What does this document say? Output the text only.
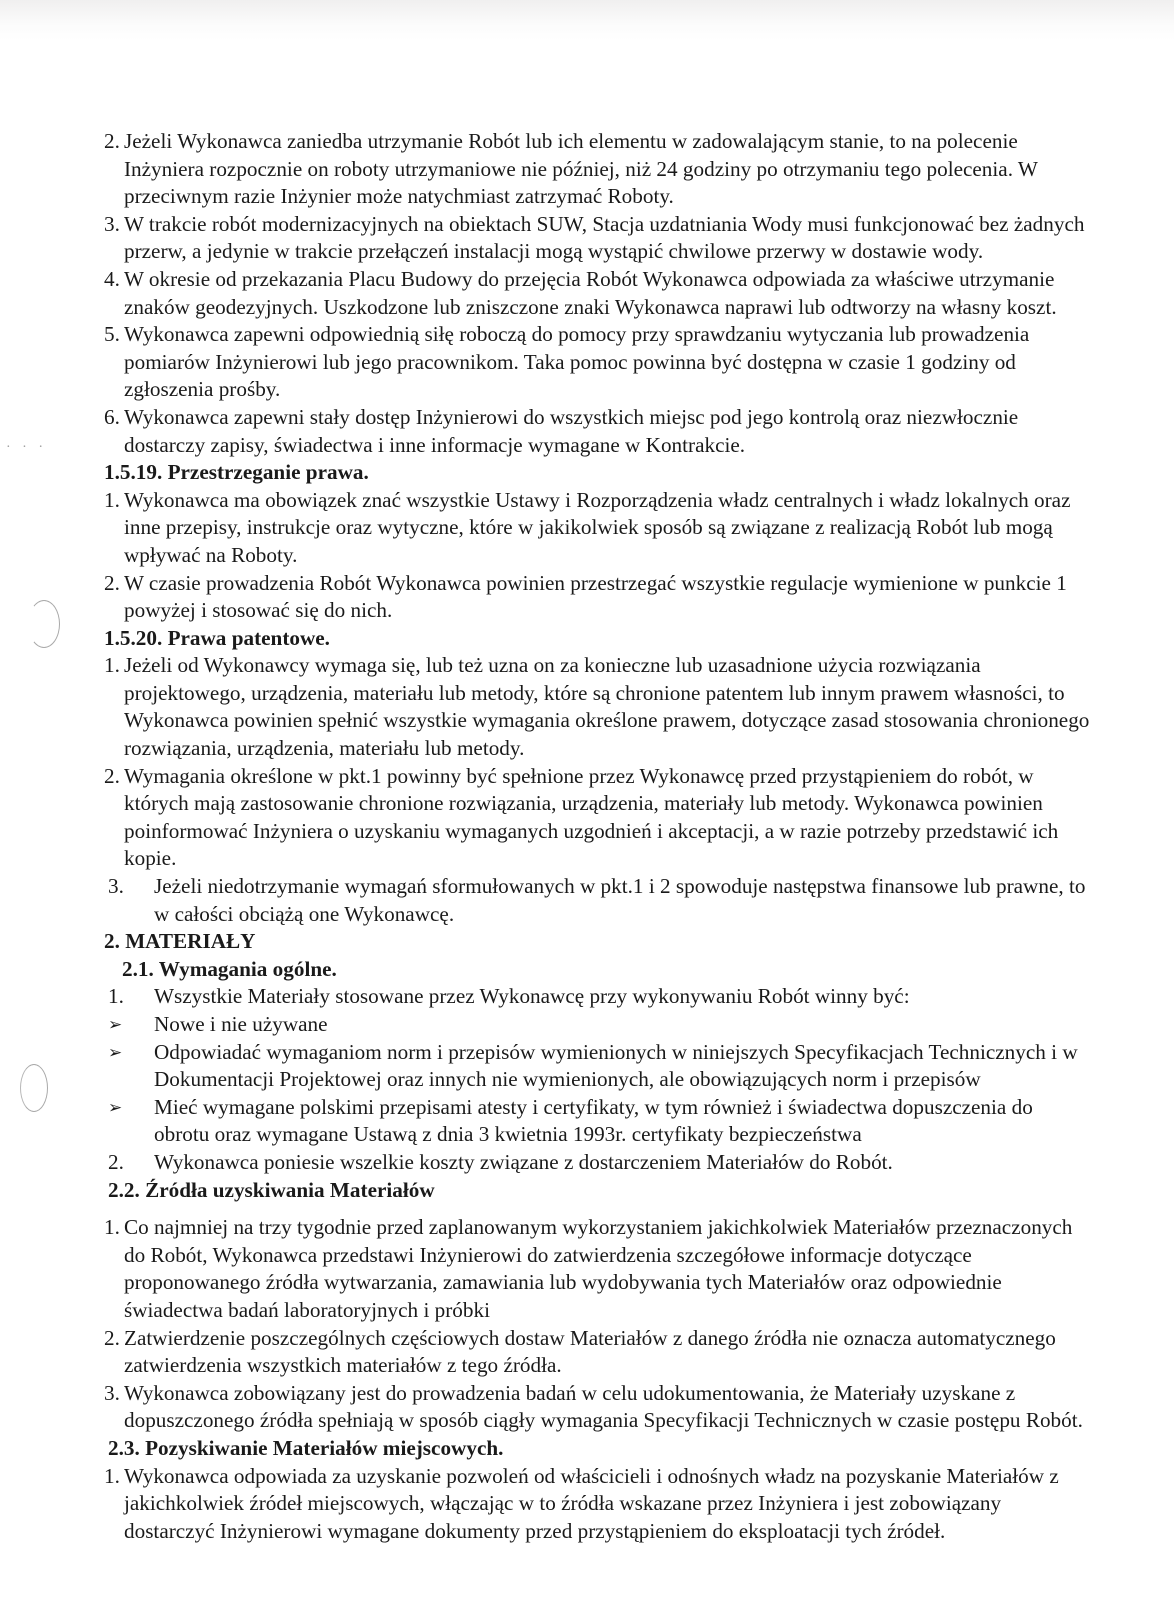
· · ·
2. Jeżeli Wykonawca zaniedba utrzymanie Robót lub ich elementu w zadowalającym stanie, to na polecenie Inżyniera rozpocznie on roboty utrzymaniowe nie później, niż 24 godziny po otrzymaniu tego polecenia. W przeciwnym razie Inżynier może natychmiast zatrzymać Roboty.
3. W trakcie robót modernizacyjnych na obiektach SUW, Stacja uzdatniania Wody musi funkcjonować bez żadnych przerw, a jedynie w trakcie przełączeń instalacji mogą wystąpić chwilowe przerwy w dostawie wody.
4. W okresie od przekazania Placu Budowy do przejęcia Robót Wykonawca odpowiada za właściwe utrzymanie znaków geodezyjnych. Uszkodzone lub zniszczone znaki Wykonawca naprawi lub odtworzy na własny koszt.
5. Wykonawca zapewni odpowiednią siłę roboczą do pomocy przy sprawdzaniu wytyczania lub prowadzenia pomiarów Inżynierowi lub jego pracownikom. Taka pomoc powinna być dostępna w czasie 1 godziny od zgłoszenia prośby.
6. Wykonawca zapewni stały dostęp Inżynierowi do wszystkich miejsc pod jego kontrolą oraz niezwłocznie dostarczy zapisy, świadectwa i inne informacje wymagane w Kontrakcie.
1.5.19. Przestrzeganie prawa.
1. Wykonawca ma obowiązek znać wszystkie Ustawy i Rozporządzenia władz centralnych i władz lokalnych oraz inne przepisy, instrukcje oraz wytyczne, które w jakikolwiek sposób są związane z realizacją Robót lub mogą wpływać na Roboty.
2. W czasie prowadzenia Robót Wykonawca powinien przestrzegać wszystkie regulacje wymienione w punkcie 1 powyżej i stosować się do nich.
1.5.20. Prawa patentowe.
1. Jeżeli od Wykonawcy wymaga się, lub też uzna on za konieczne lub uzasadnione użycia rozwiązania projektowego, urządzenia, materiału lub metody, które są chronione patentem lub innym prawem własności, to Wykonawca powinien spełnić wszystkie wymagania określone prawem, dotyczące zasad stosowania chronionego rozwiązania, urządzenia, materiału lub metody.
2. Wymagania określone w pkt.1 powinny być spełnione przez Wykonawcę przed przystąpieniem do robót, w których mają zastosowanie chronione rozwiązania, urządzenia, materiały lub metody. Wykonawca powinien poinformować Inżyniera o uzyskaniu wymaganych uzgodnień i akceptacji, a w razie potrzeby przedstawić ich kopie.
3. Jeżeli niedotrzymanie wymagań sformułowanych w pkt.1 i 2 spowoduje następstwa finansowe lub prawne, to w całości obciążą one Wykonawcę.
2. MATERIAŁY
2.1. Wymagania ogólne.
1. Wszystkie Materiały stosowane przez Wykonawcę przy wykonywaniu Robót winny być:
➢ Nowe i nie używane
➢ Odpowiadać wymaganiom norm i przepisów wymienionych w niniejszych Specyfikacjach Technicznych i w Dokumentacji Projektowej oraz innych nie wymienionych, ale obowiązujących norm i przepisów
➢ Mieć wymagane polskimi przepisami atesty i certyfikaty, w tym również i świadectwa dopuszczenia do obrotu oraz wymagane Ustawą z dnia 3 kwietnia 1993r. certyfikaty bezpieczeństwa
2. Wykonawca poniesie wszelkie koszty związane z dostarczeniem Materiałów do Robót.
2.2. Źródła uzyskiwania Materiałów
1. Co najmniej na trzy tygodnie przed zaplanowanym wykorzystaniem jakichkolwiek Materiałów przeznaczonych do Robót, Wykonawca przedstawi Inżynierowi do zatwierdzenia szczegółowe informacje dotyczące proponowanego źródła wytwarzania, zamawiania lub wydobywania tych Materiałów oraz odpowiednie świadectwa badań laboratoryjnych i próbki
2. Zatwierdzenie poszczególnych częściowych dostaw Materiałów z danego źródła nie oznacza automatycznego zatwierdzenia wszystkich materiałów z tego źródła.
3. Wykonawca zobowiązany jest do prowadzenia badań w celu udokumentowania, że Materiały uzyskane z dopuszczonego źródła spełniają w sposób ciągły wymagania Specyfikacji Technicznych w czasie postępu Robót.
2.3. Pozyskiwanie Materiałów miejscowych.
1. Wykonawca odpowiada za uzyskanie pozwoleń od właścicieli i odnośnych władz na pozyskanie Materiałów z jakichkolwiek źródeł miejscowych, włączając w to źródła wskazane przez Inżyniera i jest zobowiązany dostarczyć Inżynierowi wymagane dokumenty przed przystąpieniem do eksploatacji tych źródeł.
